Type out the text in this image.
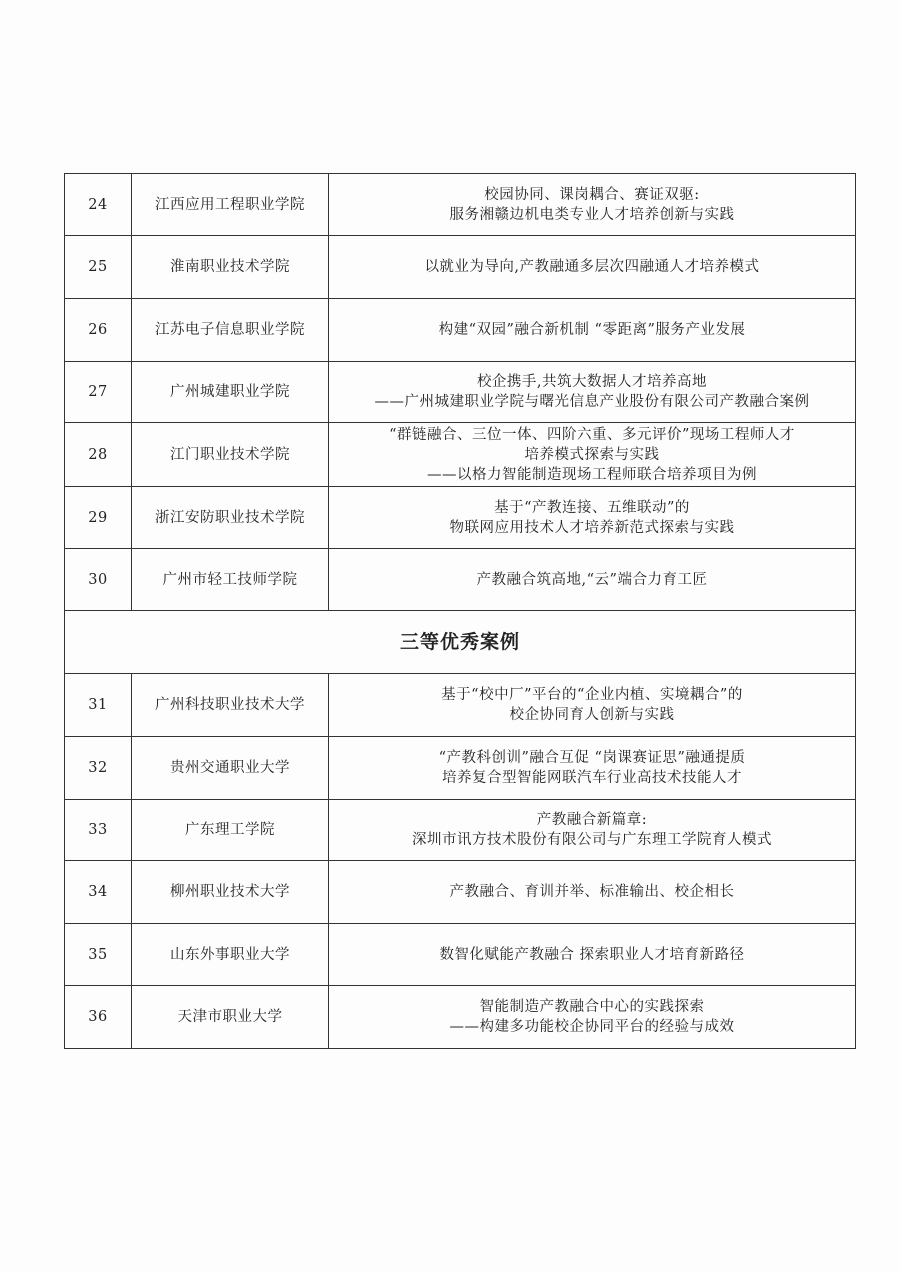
24	江西应用工程职业学院	校园协同、课岗耦合、赛证双驱:
服务湘赣边机电类专业人才培养创新与实践

25	淮南职业技术学院	以就业为导向,产教融通多层次四融通人才培养模式

26	江苏电子信息职业学院	构建“双园”融合新机制 “零距离”服务产业发展

27	广州城建职业学院	校企携手,共筑大数据人才培养高地
——广州城建职业学院与曙光信息产业股份有限公司产教融合案例

28	江门职业技术学院	“群链融合、三位一体、四阶六重、多元评价”现场工程师人才
培养模式探索与实践
——以格力智能制造现场工程师联合培养项目为例

29	浙江安防职业技术学院	基于“产教连接、五维联动”的
物联网应用技术人才培养新范式探索与实践

30	广州市轻工技师学院	产教融合筑高地,“云”端合力育工匠

三等优秀案例		
31	广州科技职业技术大学	基于“校中厂”平台的“企业内植、实境耦合”的
校企协同育人创新与实践

32	贵州交通职业大学	“产教科创训”融合互促 “岗课赛证思”融通提质
培养复合型智能网联汽车行业高技术技能人才

33	广东理工学院	产教融合新篇章:
深圳市讯方技术股份有限公司与广东理工学院育人模式

34	柳州职业技术大学	产教融合、育训并举、标准输出、校企相长

35	山东外事职业大学	数智化赋能产教融合 探索职业人才培育新路径

36	天津市职业大学	智能制造产教融合中心的实践探索
——构建多功能校企协同平台的经验与成效
